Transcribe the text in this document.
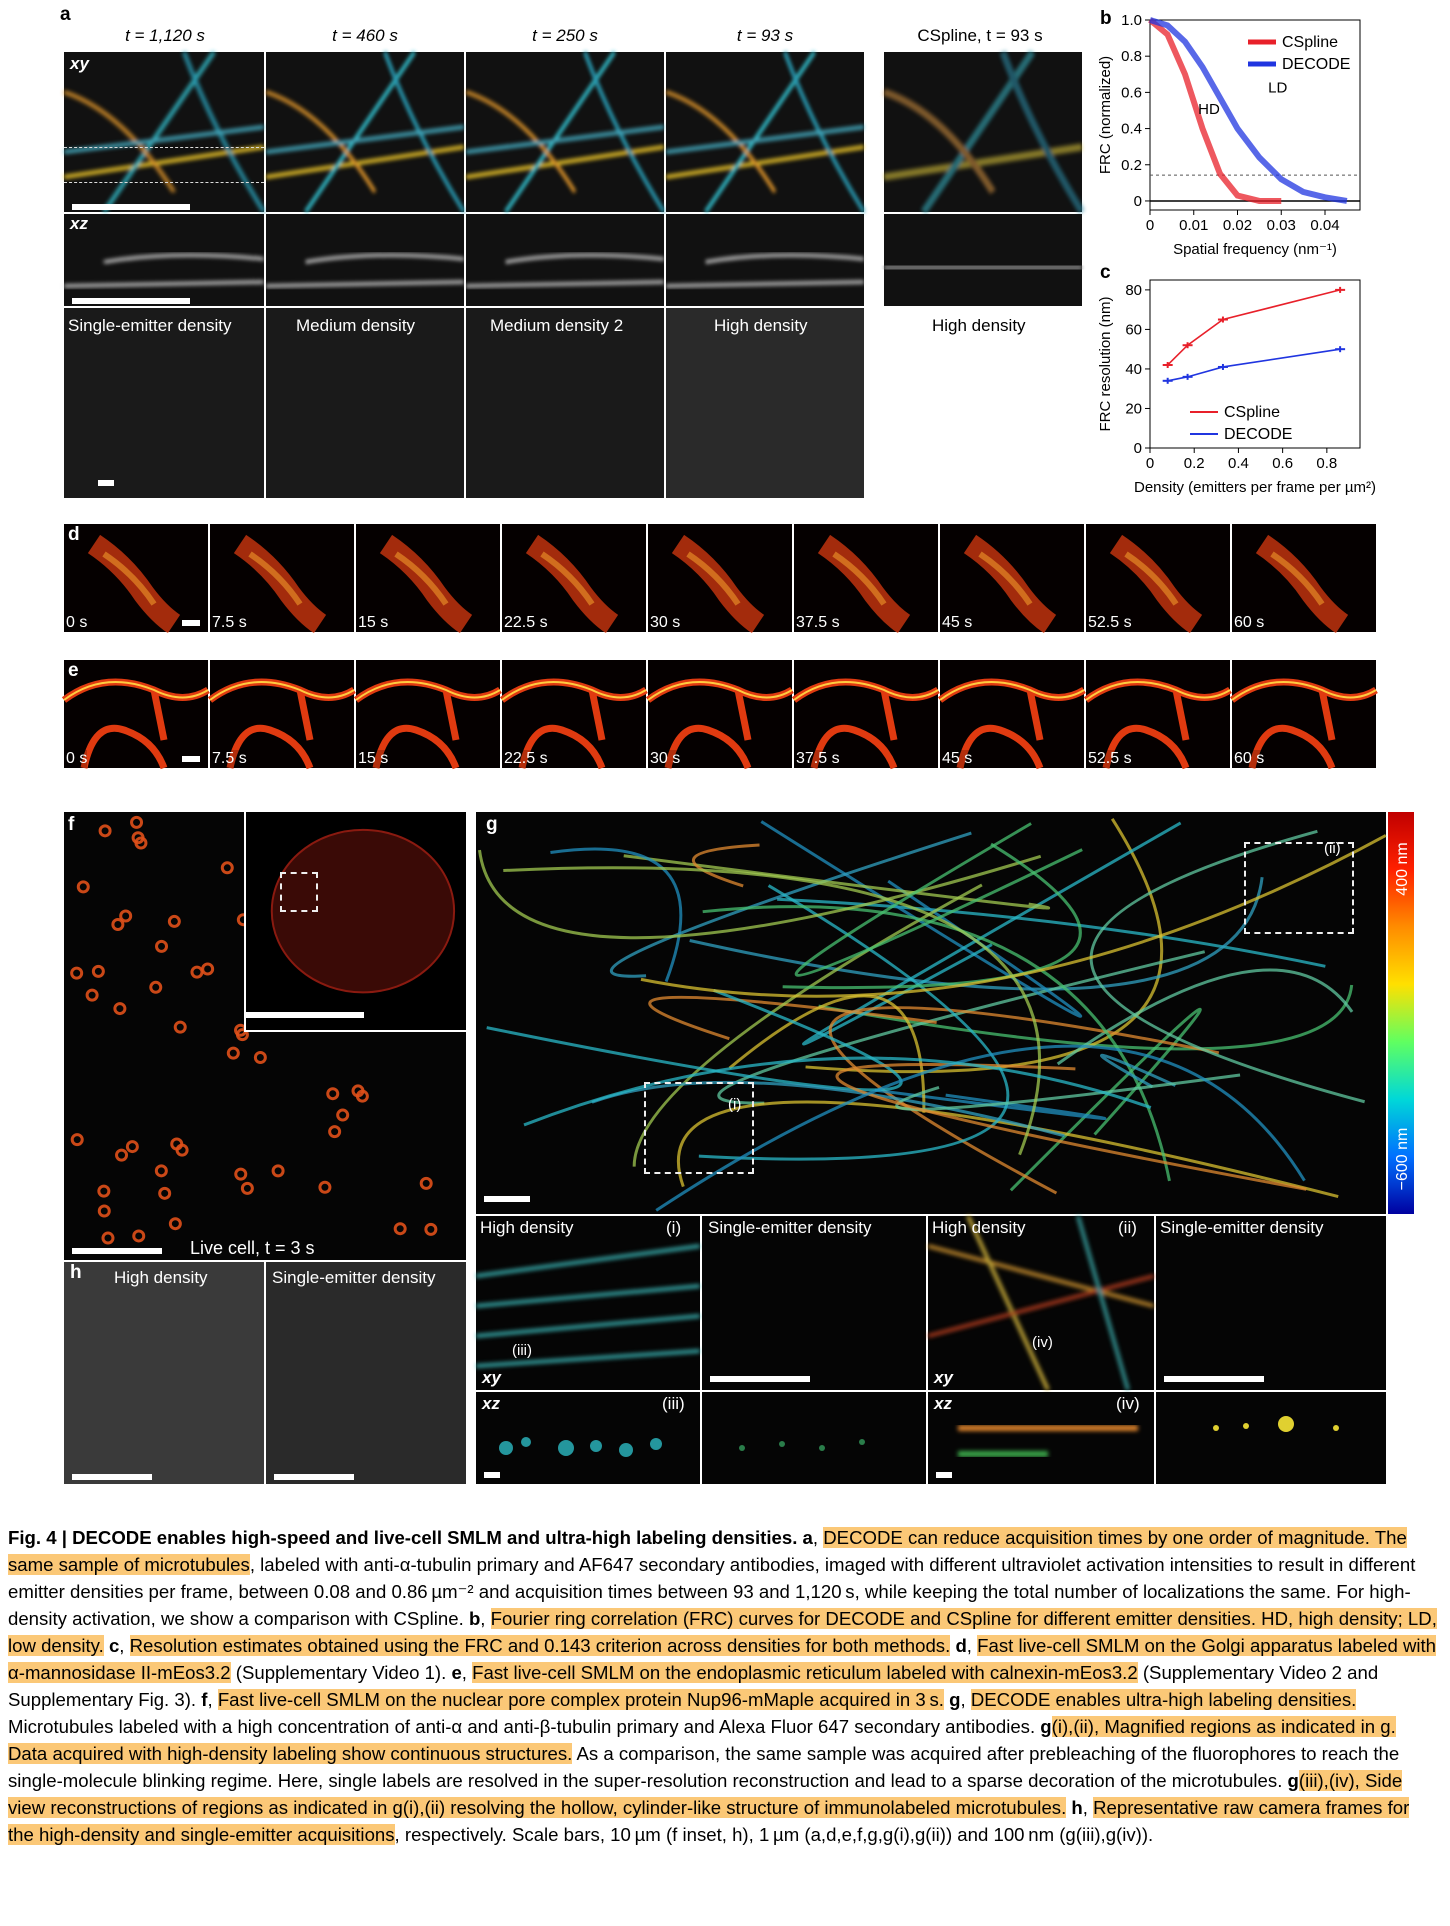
a
t = 1,120 s	t = 460 s	t = 250 s	t = 93 s	CSpline, t = 93 s
xy
xz
Single-emitter density	Medium density	Medium density 2	High density	High density
b
0 0.01 0.02 0.03 0.04
0
0.2
0.4
0.6
0.8
1.0
Spatial frequency (nm⁻¹)
FRC (normalized)
CSpline
DECODE
HD
LD
c
0 0.2 0.4 0.6 0.8
0
20
40
60
80
Density (emitters per frame per µm²)
FRC resolution (nm)	CSpline
DECODE
0 s
d
7.5 s	15 s	22.5 s	30 s	37.5 s	45 s	52.5 s	60 s
0 s
e
7.5 s	15 s	22.5 s	30 s	37.5 s	45 s	52.5 s	60 s
f
Live cell, t = 3 s
h High density	Single-emitter density
g
(ii)
(i)
400 nm
−600 nm
High density	(i)
(iii)
xy
Single-emitter density	High density	(ii)
(iv)
xy
Single-emitter density
xz	(iii)	xz	(iv)
Fig. 4 | DECODE enables high-speed and live-cell SMLM and ultra-high labeling densities. a, DECODE can reduce acquisition times by one order of magnitude. The same sample of microtubules, labeled with anti-α-tubulin primary and AF647 secondary antibodies, imaged with different ultraviolet activation intensities to result in different emitter densities per frame, between 0.08 and 0.86 µm⁻² and acquisition times between 93 and 1,120 s, while keeping the total number of localizations the same. For high-density activation, we show a comparison with CSpline. b, Fourier ring correlation (FRC) curves for DECODE and CSpline for different emitter densities. HD, high density; LD, low density. c, Resolution estimates obtained using the FRC and 0.143 criterion across densities for both methods. d, Fast live-cell SMLM on the Golgi apparatus labeled with α-mannosidase II-mEos3.2 (Supplementary Video 1). e, Fast live-cell SMLM on the endoplasmic reticulum labeled with calnexin-mEos3.2 (Supplementary Video 2 and Supplementary Fig. 3). f, Fast live-cell SMLM on the nuclear pore complex protein Nup96-mMaple acquired in 3 s. g, DECODE enables ultra-high labeling densities. Microtubules labeled with a high concentration of anti-α and anti-β-tubulin primary and Alexa Fluor 647 secondary antibodies. g(i),(ii), Magnified regions as indicated in g. Data acquired with high-density labeling show continuous structures. As a comparison, the same sample was acquired after prebleaching of the fluorophores to reach the single-molecule blinking regime. Here, single labels are resolved in the super-resolution reconstruction and lead to a sparse decoration of the microtubules. g(iii),(iv), Side view reconstructions of regions as indicated in g(i),(ii) resolving the hollow, cylinder-like structure of immunolabeled microtubules. h, Representative raw camera frames for the high-density and single-emitter acquisitions, respectively. Scale bars, 10 µm (f inset, h), 1 µm (a,d,e,f,g,g(i),g(ii)) and 100 nm (g(iii),g(iv)).
